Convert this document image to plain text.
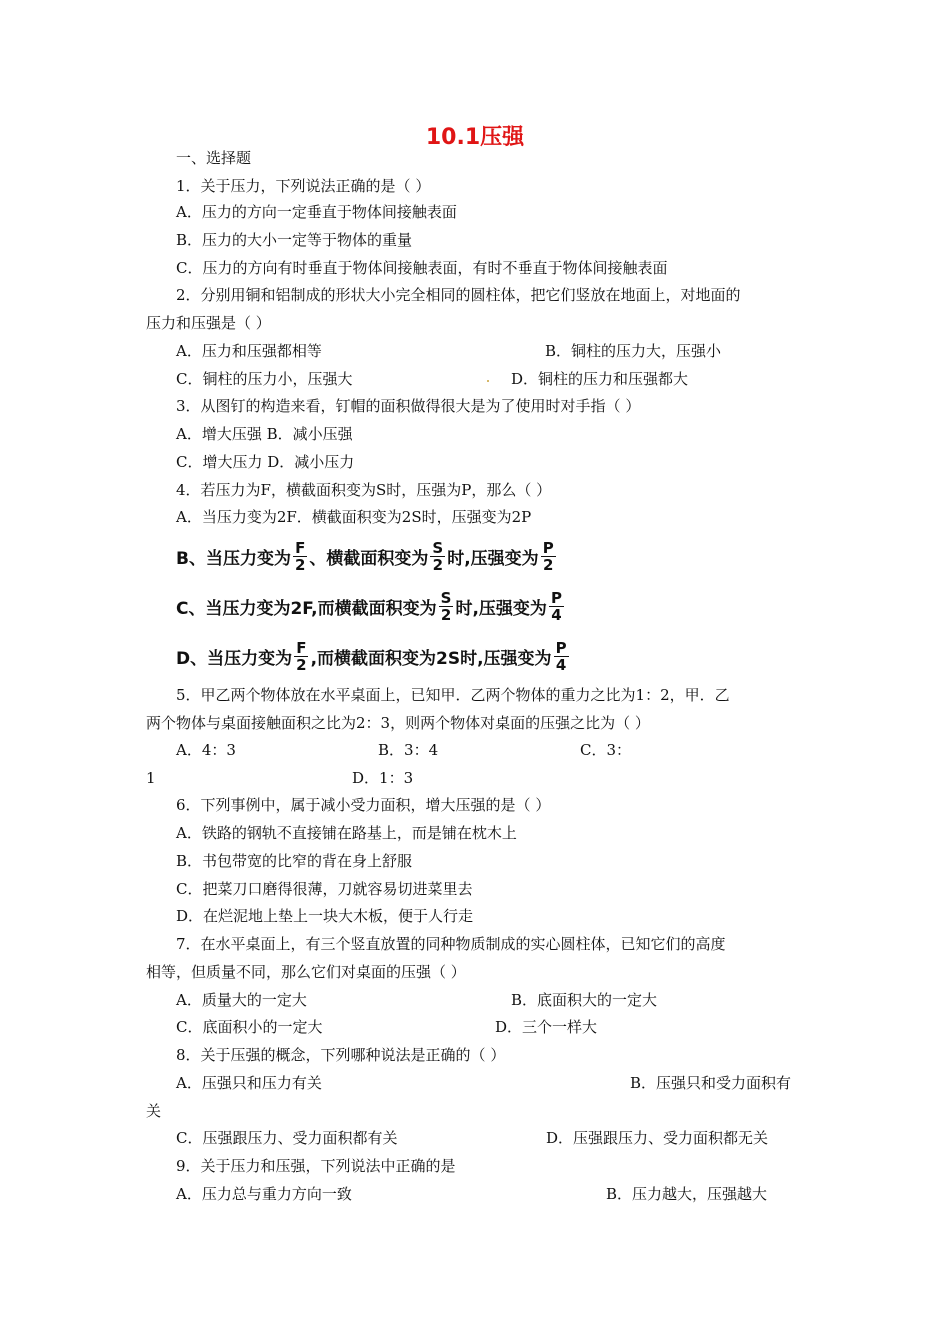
10.1压强
一、选择题
1．关于压力，下列说法正确的是（ ）
A．压力的方向一定垂直于物体间接触表面
B．压力的大小一定等于物体的重量
C．压力的方向有时垂直于物体间接触表面，有时不垂直于物体间接触表面
2．分别用铜和铝制成的形状大小完全相同的圆柱体，把它们竖放在地面上，对地面的
压力和压强是（ ）
A．压力和压强都相等	B．铜柱的压力大，压强小
C．铜柱的压力小，压强大	D．铜柱的压力和压强都大
3．从图钉的构造来看，钉帽的面积做得很大是为了使用时对手指（ ）
A．增大压强 B．减小压强
C．增大压力 D．减小压力
4．若压力为F，横截面积变为S时，压强为P，那么（ ）
A．当压力变为2F．横截面积变为2S时，压强变为2P
B、当压力变为 $\frac{F}{2}$ 、横截面积变为 $\frac{S}{2}$ 时,压强变为 $\frac{P}{2}$
C、当压力变为2F,而横截面积变为 $\frac{S}{2}$ 时,压强变为 $\frac{P}{4}$
D、当压力变为 $\frac{F}{2}$ ,而横截面积变为2S时,压强变为 $\frac{P}{4}$
5．甲乙两个物体放在水平桌面上，已知甲．乙两个物体的重力之比为1：2，甲．乙
两个物体与桌面接触面积之比为2：3，则两个物体对桌面的压强之比为（ ）
A．4：3	B．3：4	C．3：
1	D．1：3
6．下列事例中，属于减小受力面积，增大压强的是（ ）
A．铁路的钢轨不直接铺在路基上，而是铺在枕木上
B．书包带宽的比窄的背在身上舒服
C．把菜刀口磨得很薄，刀就容易切进菜里去
D．在烂泥地上垫上一块大木板，便于人行走
7．在水平桌面上，有三个竖直放置的同种物质制成的实心圆柱体，已知它们的高度
相等，但质量不同，那么它们对桌面的压强（ ）
A．质量大的一定大	B．底面积大的一定大
C．底面积小的一定大	D．三个一样大
8．关于压强的概念，下列哪种说法是正确的（ ）
A．压强只和压力有关	B．压强只和受力面积有
关
C．压强跟压力、受力面积都有关	D．压强跟压力、受力面积都无关
9．关于压力和压强，下列说法中正确的是
A．压力总与重力方向一致	B．压力越大，压强越大
